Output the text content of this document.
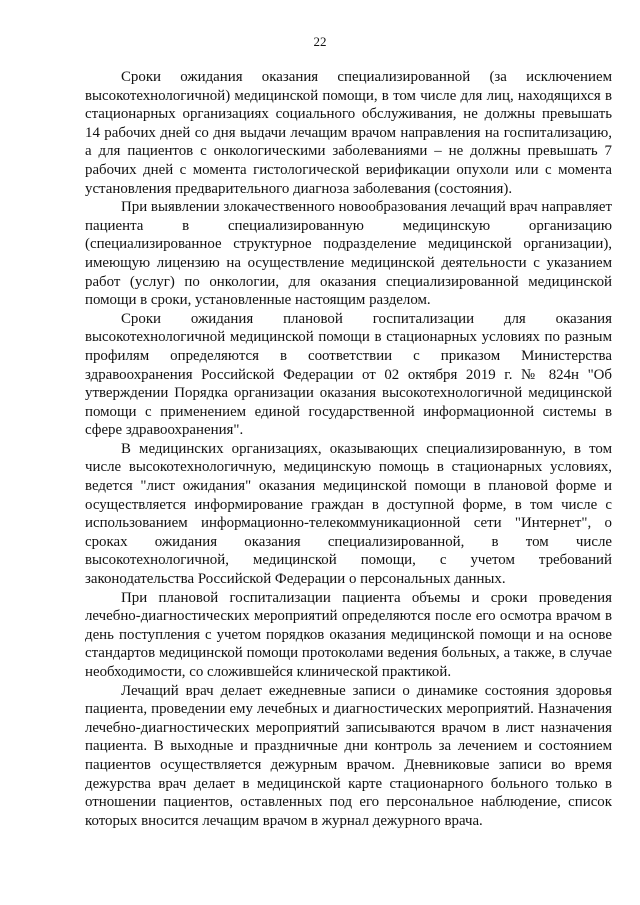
22

Сроки ожидания оказания специализированной (за исключением высокотехнологичной) медицинской помощи, в том числе для лиц, находящихся в стационарных организациях социального обслуживания, не должны превышать 14 рабочих дней со дня выдачи лечащим врачом направления на госпитализацию, а для пациентов с онкологическими заболеваниями – не должны превышать 7 рабочих дней с момента гистологической верификации опухоли или с момента установления предварительного диагноза заболевания (состояния).

При выявлении злокачественного новообразования лечащий врач направляет пациента в специализированную медицинскую организацию (специализированное структурное подразделение медицинской организации), имеющую лицензию на осуществление медицинской деятельности с указанием работ (услуг) по онкологии, для оказания специализированной медицинской помощи в сроки, установленные настоящим разделом.

Сроки ожидания плановой госпитализации для оказания высокотехнологичной медицинской помощи в стационарных условиях по разным профилям определяются в соответствии с приказом Министерства здравоохранения Российской Федерации от 02 октября 2019 г. № 824н "Об утверждении Порядка организации оказания высокотехнологичной медицинской помощи с применением единой государственной информационной системы в сфере здравоохранения".

В медицинских организациях, оказывающих специализированную, в том числе высокотехнологичную, медицинскую помощь в стационарных условиях, ведется "лист ожидания" оказания медицинской помощи в плановой форме и осуществляется информирование граждан в доступной форме, в том числе с использованием информационно-телекоммуникационной сети "Интернет", о сроках ожидания оказания специализированной, в том числе высокотехнологичной, медицинской помощи, с учетом требований законодательства Российской Федерации о персональных данных.

При плановой госпитализации пациента объемы и сроки проведения лечебно-диагностических мероприятий определяются после его осмотра врачом в день поступления с учетом порядков оказания медицинской помощи и на основе стандартов медицинской помощи протоколами ведения больных, а также, в случае необходимости, со сложившейся клинической практикой.

Лечащий врач делает ежедневные записи о динамике состояния здоровья пациента, проведении ему лечебных и диагностических мероприятий. Назначения лечебно-диагностических мероприятий записываются врачом в лист назначения пациента. В выходные и праздничные дни контроль за лечением и состоянием пациентов осуществляется дежурным врачом. Дневниковые записи во время дежурства врач делает в медицинской карте стационарного больного только в отношении пациентов, оставленных под его персональное наблюдение, список которых вносится лечащим врачом в журнал дежурного врача.
